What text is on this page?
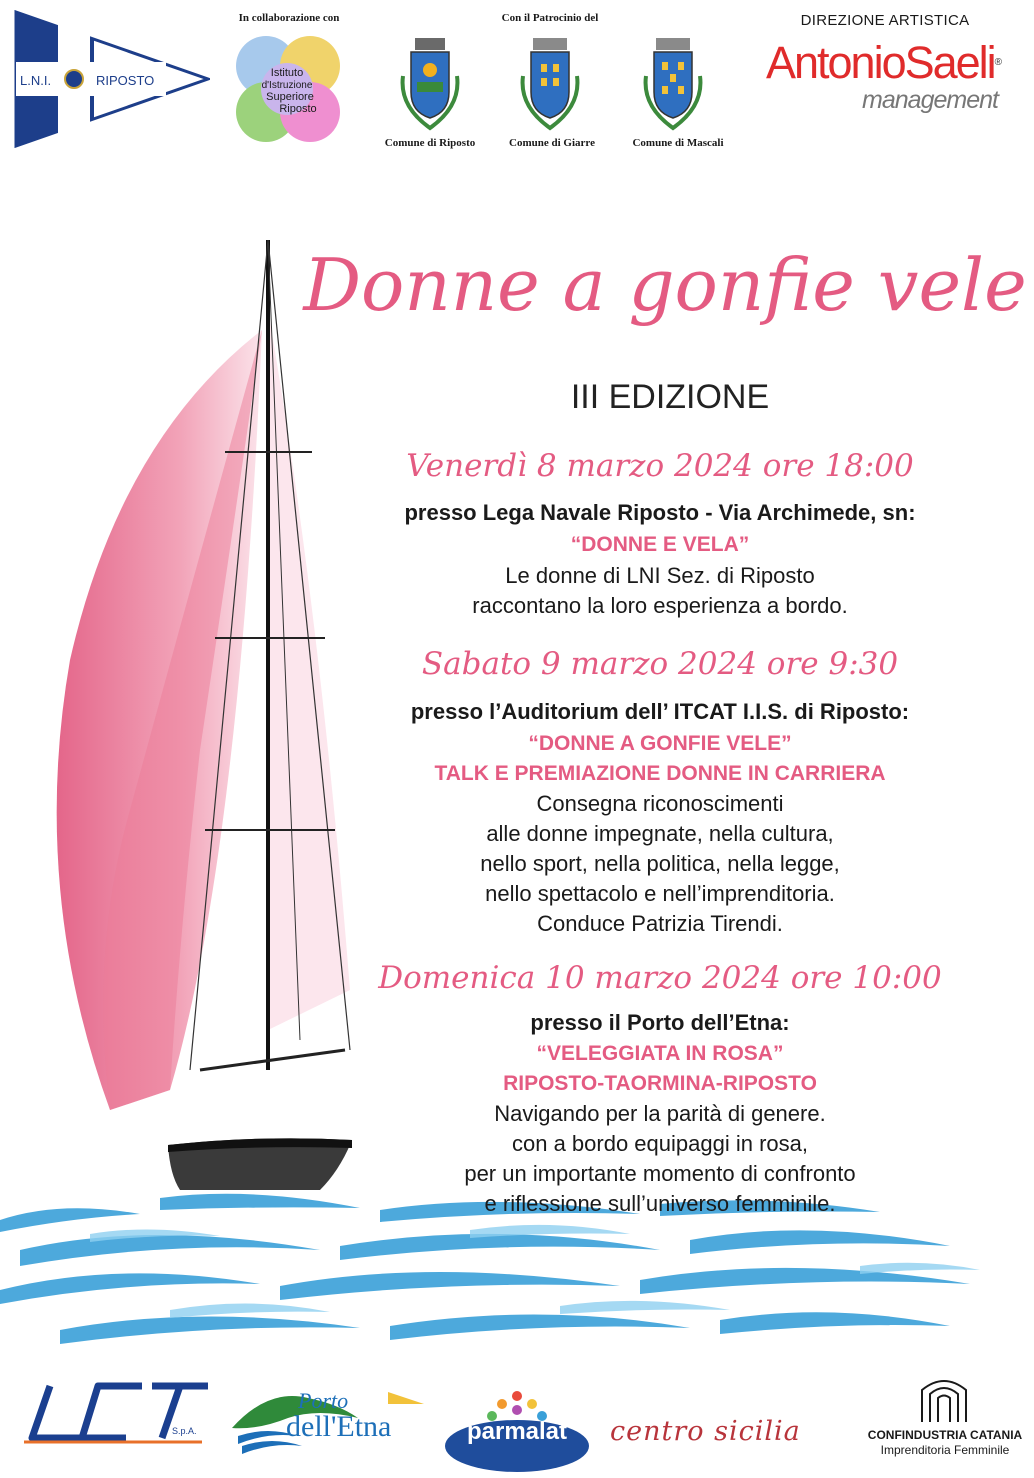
L.N.I.	RIPOSTO
In collaborazione con
Istituto
d'Istruzione
Superiore
Riposto
Con il Patrocinio del
Comune di Riposto	Comune di Giarre	Comune di Mascali
DIREZIONE ARTISTICA
AntonioSaeli®
management
Donne a gonfie vele
III EDIZIONE
Venerdì 8 marzo 2024 ore 18:00
presso Lega Navale Riposto - Via Archimede, sn:
“DONNE E VELA”
Le donne di LNI Sez. di Riposto
raccontano la loro esperienza a bordo.
Sabato 9 marzo 2024 ore 9:30
presso l’Auditorium dell’ ITCAT I.I.S. di Riposto:
“DONNE A GONFIE VELE”
TALK E PREMIAZIONE DONNE IN CARRIERA
Consegna riconoscimenti
alle donne impegnate, nella cultura,
nello sport, nella politica, nella legge,
nello spettacolo e nell’imprenditoria.
Conduce Patrizia Tirendi.
Domenica 10 marzo 2024 ore 10:00
presso il Porto dell’Etna:
“VELEGGIATA IN ROSA”
RIPOSTO-TAORMINA-RIPOSTO
Navigando per la parità di genere.
con a bordo equipaggi in rosa,
per un importante momento di confronto
e riflessione sull’universo femminile.
S.p.A.
Porto
dell'Etna	parmalat	centro sicilia	CONFINDUSTRIA CATANIA
Imprenditoria Femminile
